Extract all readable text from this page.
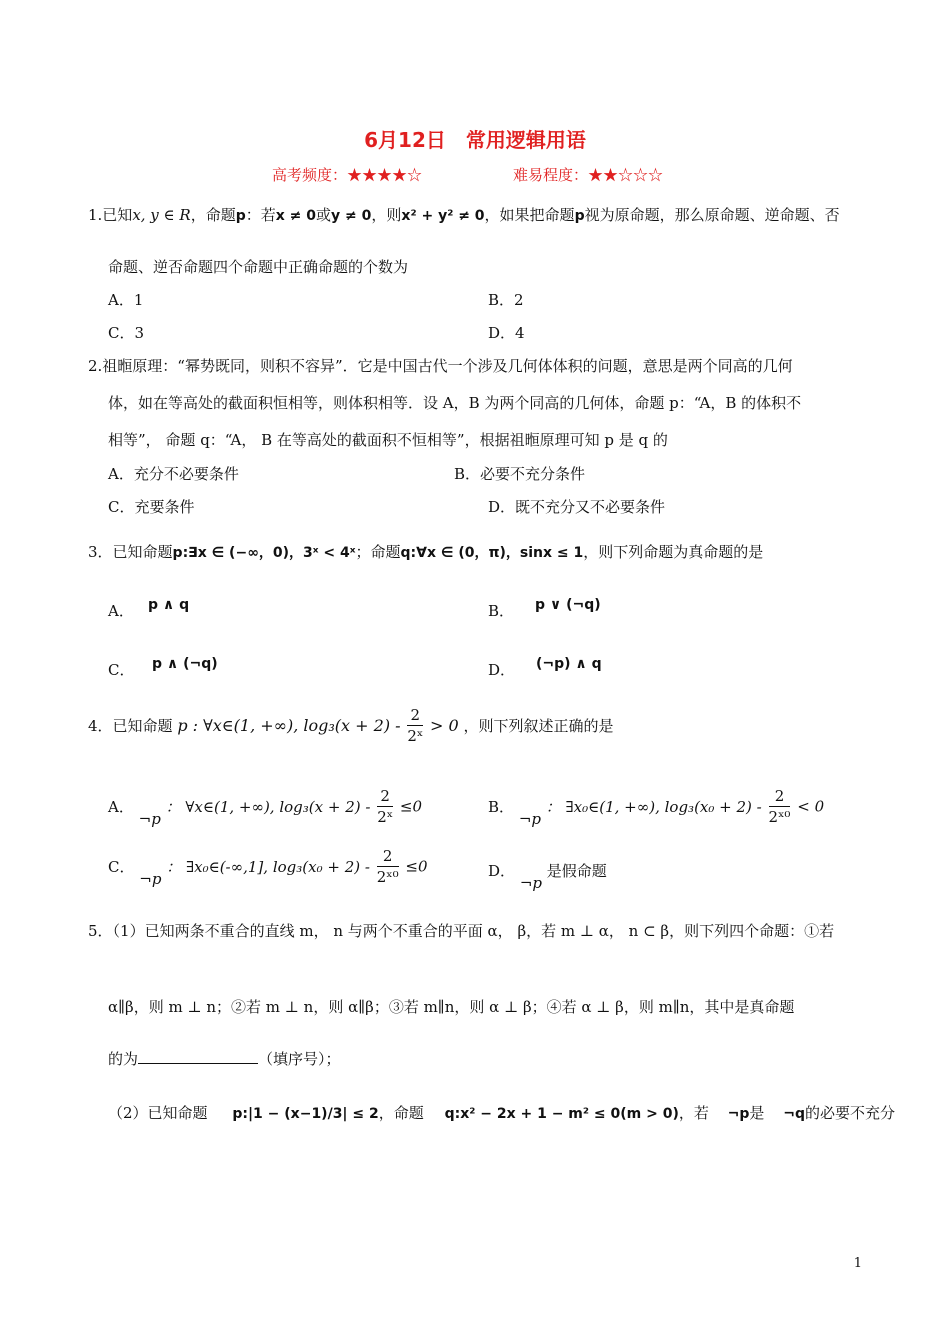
6月12日　常用逻辑用语
高考频度：★★★★☆	难易程度：★★☆☆☆
1.已知x, y ∈ R，命题p：若x ≠ 0或y ≠ 0，则x² + y² ≠ 0，如果把命题p视为原命题，那么原命题、逆命题、否
命题、逆否命题四个命题中正确命题的个数为
A．1	B．2
C．3	D．4
2.祖暅原理：“幂势既同，则积不容异”．它是中国古代一个涉及几何体体积的问题，意思是两个同高的几何
体，如在等高处的截面积恒相等，则体积相等．设 A，B 为两个同高的几何体，命题 p：“A，B 的体积不
相等”， 命题 q：“A， B 在等高处的截面积不恒相等”，根据祖暅原理可知 p 是 q 的
A．充分不必要条件	B．必要不充分条件
C．充要条件	D．既不充分又不必要条件
3．已知命题p:∃x ∈ (−∞，0)，3ˣ < 4ˣ；命题q:∀x ∈ (0，π)，sinx ≤ 1，则下列命题为真命题的是
A． p ∧ q	B． p ∨ (¬q)
C． p ∧ (¬q)	D． (¬p) ∧ q
4．已知命题 p : ∀x∈(1, +∞), $\log_3(x + 2) - \frac{2}{\text{2ˣ}} > 0$ ，则下列叙述正确的是
A． ¬p ： ∀x∈(1, +∞), $\log_3(x + 2) - \frac{2}{\text{2ˣ}} \le 0$	B． ¬p ： ∃x₀∈(1, +∞), $\log_3(x_0 + 2) - \frac{2}{\text{2ˣ⁰}} < 0$
C． ¬p ： ∃x₀∈(-∞,1], $\log_3(x_0 + 2) - \frac{2}{\text{2ˣ⁰}} \le 0$	D． ¬p 是假命题
5．（1）已知两条不重合的直线 m， n 与两个不重合的平面 α， β，若 m ⊥ α， n ⊂ β，则下列四个命题：①若
α∥β，则 m ⊥ n；②若 m ⊥ n，则 α∥β；③若 m∥n，则 α ⊥ β；④若 α ⊥ β，则 m∥n，其中是真命题
的为	（填序号）；
（2）已知命题 p:|1 − (x−1)/3| ≤ 2，命题 q:x² − 2x + 1 − m² ≤ 0(m > 0)，若 ¬p是 ¬q的必要不充分
1
